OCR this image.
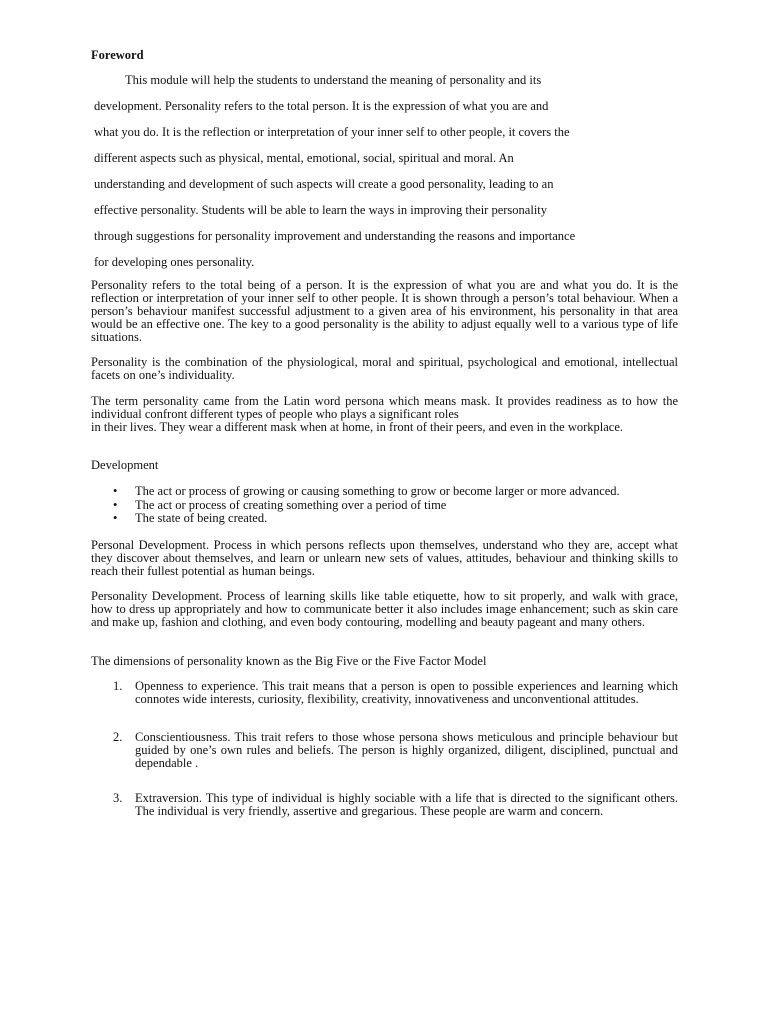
Foreword
This module will help the students to understand the meaning of personality and its
development. Personality refers to the total person. It is the expression of what you are and
what you do. It is the reflection or interpretation of your inner self to other people, it covers the
different aspects such as physical, mental, emotional, social, spiritual and moral. An
understanding and development of such aspects will create a good personality, leading to an
effective personality. Students will be able to learn the ways in improving their personality
through suggestions for personality improvement and understanding the reasons and importance
for developing ones personality.
Personality refers to the total being of a person. It is the expression of what you are and what you do. It is the reflection or interpretation of your inner self to other people. It is shown through a person’s total behaviour. When a person’s behaviour manifest successful adjustment to a given area of his environment, his personality in that area would be an effective one. The key to a good personality is the ability to adjust equally well to a various type of life situations.
Personality is the combination of the physiological, moral and spiritual, psychological and emotional, intellectual facets on one’s individuality.
The term personality came from the Latin word persona which means mask. It provides readiness as to how the individual confront different types of people who plays a significant roles
in their lives. They wear a different mask when at home, in front of their peers, and even in the workplace.
Development
• The act or process of growing or causing something to grow or become larger or more advanced.
• The act or process of creating something over a period of time
• The state of being created.
Personal Development. Process in which persons reflects upon themselves, understand who they are, accept what they discover about themselves, and learn or unlearn new sets of values, attitudes, behaviour and thinking skills to reach their fullest potential as human beings.
Personality Development. Process of learning skills like table etiquette, how to sit properly, and walk with grace, how to dress up appropriately and how to communicate better it also includes image enhancement; such as skin care and make up, fashion and clothing, and even body contouring, modelling and beauty pageant and many others.
The dimensions of personality known as the Big Five or the Five Factor Model
1. Openness to experience. This trait means that a person is open to possible experiences and learning which connotes wide interests, curiosity, flexibility, creativity, innovativeness and unconventional attitudes.
2. Conscientiousness. This trait refers to those whose persona shows meticulous and principle behaviour but guided by one’s own rules and beliefs. The person is highly organized, diligent, disciplined, punctual and dependable .
3. Extraversion. This type of individual is highly sociable with a life that is directed to the significant others. The individual is very friendly, assertive and gregarious. These people are warm and concern.
